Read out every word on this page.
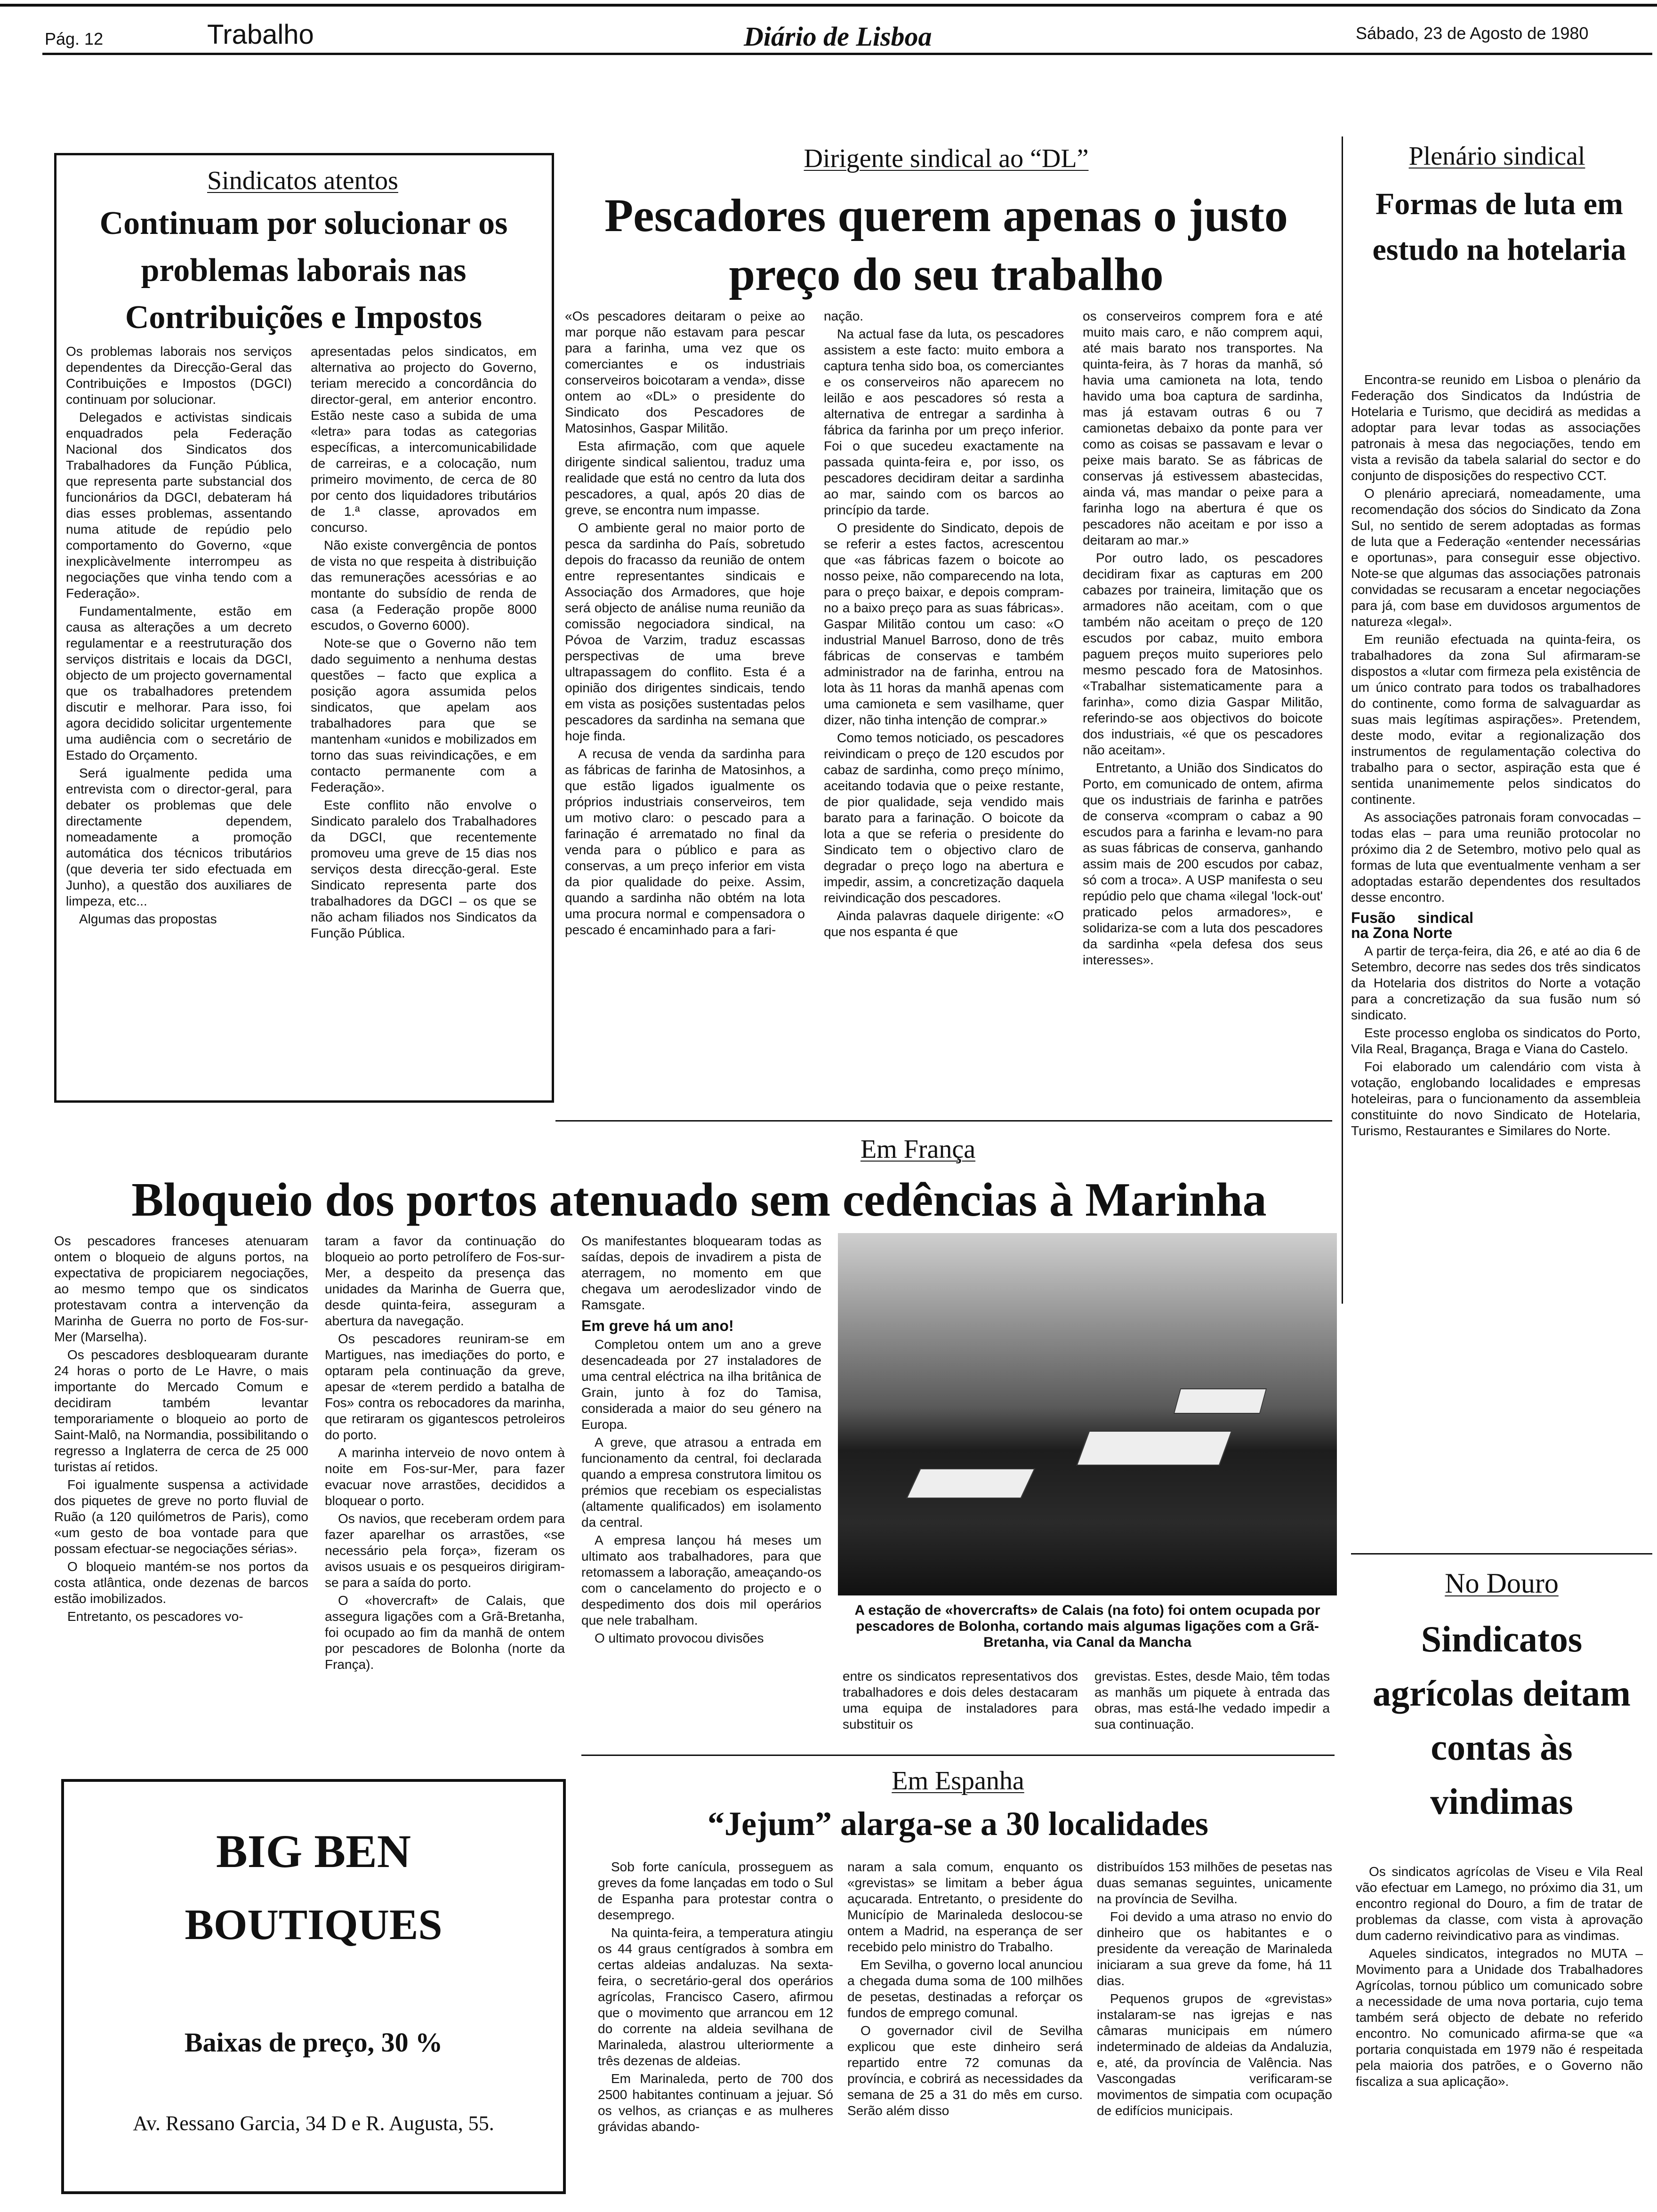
Pág. 12	Trabalho	Diário de Lisboa	Sábado, 23 de Agosto de 1980
Sindicatos atentos
Continuam por solucionar os problemas laborais nas Contribuições e Impostos

Os problemas laborais nos serviços dependentes da Direcção-Geral das Contribuições e Impostos (DGCI) continuam por solucionar.

Delegados e activistas sindicais enquadrados pela Federação Nacional dos Sindicatos dos Trabalhadores da Função Pública, que representa parte substancial dos funcionários da DGCI, debateram há dias esses problemas, assentando numa atitude de repúdio pelo comportamento do Governo, «que inexplicàvelmente interrompeu as negociações que vinha tendo com a Federação».

Fundamentalmente, estão em causa as alterações a um decreto regulamentar e a reestruturação dos serviços distritais e locais da DGCI, objecto de um projecto governamental que os trabalhadores pretendem discutir e melhorar. Para isso, foi agora decidido solicitar urgentemente uma audiência com o secretário de Estado do Orçamento.

Será igualmente pedida uma entrevista com o director-geral, para debater os problemas que dele directamente dependem, nomeadamente a promoção automática dos técnicos tributários (que deveria ter sido efectuada em Junho), a questão dos auxiliares de limpeza, etc...

Algumas das propostas

apresentadas pelos sindicatos, em alternativa ao projecto do Governo, teriam merecido a concordância do director-geral, em anterior encontro. Estão neste caso a subida de uma «letra» para todas as categorias específicas, a intercomunicabilidade de carreiras, e a colocação, num primeiro movimento, de cerca de 80 por cento dos liquidadores tributários de 1.ª classe, aprovados em concurso.

Não existe convergência de pontos de vista no que respeita à distribuição das remunerações acessórias e ao montante do subsídio de renda de casa (a Federação propõe 8000 escudos, o Governo 6000).

Note-se que o Governo não tem dado seguimento a nenhuma destas questões – facto que explica a posição agora assumida pelos sindicatos, que apelam aos trabalhadores para que se mantenham «unidos e mobilizados em torno das suas reivindicações, e em contacto permanente com a Federação».

Este conflito não envolve o Sindicato paralelo dos Trabalhadores da DGCI, que recentemente promoveu uma greve de 15 dias nos serviços desta direcção-geral. Este Sindicato representa parte dos trabalhadores da DGCI – os que se não acham filiados nos Sindicatos da Função Pública.

Dirigente sindical ao “DL”
Pescadores querem apenas o justo preço do seu trabalho

«Os pescadores deitaram o peixe ao mar porque não estavam para pescar para a farinha, uma vez que os comerciantes e os industriais conserveiros boicotaram a venda», disse ontem ao «DL» o presidente do Sindicato dos Pescadores de Matosinhos, Gaspar Militão.

Esta afirmação, com que aquele dirigente sindical salientou, traduz uma realidade que está no centro da luta dos pescadores, a qual, após 20 dias de greve, se encontra num impasse.

O ambiente geral no maior porto de pesca da sardinha do País, sobretudo depois do fracasso da reunião de ontem entre representantes sindicais e Associação dos Armadores, que hoje será objecto de análise numa reunião da comissão negociadora sindical, na Póvoa de Varzim, traduz escassas perspectivas de uma breve ultrapassagem do conflito. Esta é a opinião dos dirigentes sindicais, tendo em vista as posições sustentadas pelos pescadores da sardinha na semana que hoje finda.

A recusa de venda da sardinha para as fábricas de farinha de Matosinhos, a que estão ligados igualmente os próprios industriais conserveiros, tem um motivo claro: o pescado para a farinação é arrematado no final da venda para o público e para as conservas, a um preço inferior em vista da pior qualidade do peixe. Assim, quando a sardinha não obtém na lota uma procura normal e compensadora o pescado é encaminhado para a fari-

nação.

Na actual fase da luta, os pescadores assistem a este facto: muito embora a captura tenha sido boa, os comerciantes e os conserveiros não aparecem no leilão e aos pescadores só resta a alternativa de entregar a sardinha à fábrica da farinha por um preço inferior. Foi o que sucedeu exactamente na passada quinta-feira e, por isso, os pescadores decidiram deitar a sardinha ao mar, saindo com os barcos ao princípio da tarde.

O presidente do Sindicato, depois de se referir a estes factos, acrescentou que «as fábricas fazem o boicote ao nosso peixe, não comparecendo na lota, para o preço baixar, e depois compram-no a baixo preço para as suas fábricas». Gaspar Militão contou um caso: «O industrial Manuel Barroso, dono de três fábricas de conservas e também administrador na de farinha, entrou na lota às 11 horas da manhã apenas com uma camioneta e sem vasilhame, quer dizer, não tinha intenção de comprar.»

Como temos noticiado, os pescadores reivindicam o preço de 120 escudos por cabaz de sardinha, como preço mínimo, aceitando todavia que o peixe restante, de pior qualidade, seja vendido mais barato para a farinação. O boicote da lota a que se referia o presidente do Sindicato tem o objectivo claro de degradar o preço logo na abertura e impedir, assim, a concretização daquela reivindicação dos pescadores.

Ainda palavras daquele dirigente: «O que nos espanta é que

os conserveiros comprem fora e até muito mais caro, e não comprem aqui, até mais barato nos transportes. Na quinta-feira, às 7 horas da manhã, só havia uma camioneta na lota, tendo havido uma boa captura de sardinha, mas já estavam outras 6 ou 7 camionetas debaixo da ponte para ver como as coisas se passavam e levar o peixe mais barato. Se as fábricas de conservas já estivessem abastecidas, ainda vá, mas mandar o peixe para a farinha logo na abertura é que os pescadores não aceitam e por isso a deitaram ao mar.»

Por outro lado, os pescadores decidiram fixar as capturas em 200 cabazes por traineira, limitação que os armadores não aceitam, com o que também não aceitam o preço de 120 escudos por cabaz, muito embora paguem preços muito superiores pelo mesmo pescado fora de Matosinhos. «Trabalhar sistematicamente para a farinha», como dizia Gaspar Militão, referindo-se aos objectivos do boicote dos industriais, «é que os pescadores não aceitam».

Entretanto, a União dos Sindicatos do Porto, em comunicado de ontem, afirma que os industriais de farinha e patrões de conserva «compram o cabaz a 90 escudos para a farinha e levam-no para as suas fábricas de conserva, ganhando assim mais de 200 escudos por cabaz, só com a troca». A USP manifesta o seu repúdio pelo que chama «ilegal 'lock-out' praticado pelos armadores», e solidariza-se com a luta dos pescadores da sardinha «pela defesa dos seus interesses».

Plenário sindical
Formas de luta em estudo na hotelaria

Encontra-se reunido em Lisboa o plenário da Federação dos Sindicatos da Indústria de Hotelaria e Turismo, que decidirá as medidas a adoptar para levar todas as associações patronais à mesa das negociações, tendo em vista a revisão da tabela salarial do sector e do conjunto de disposições do respectivo CCT.

O plenário apreciará, nomeadamente, uma recomendação dos sócios do Sindicato da Zona Sul, no sentido de serem adoptadas as formas de luta que a Federação «entender necessárias e oportunas», para conseguir esse objectivo. Note-se que algumas das associações patronais convidadas se recusaram a encetar negociações para já, com base em duvidosos argumentos de natureza «legal».

Em reunião efectuada na quinta-feira, os trabalhadores da zona Sul afirmaram-se dispostos a «lutar com firmeza pela existência de um único contrato para todos os trabalhadores do continente, como forma de salvaguardar as suas mais legítimas aspirações». Pretendem, deste modo, evitar a regionalização dos instrumentos de regulamentação colectiva do trabalho para o sector, aspiração esta que é sentida unanimemente pelos sindicatos do continente.

As associações patronais foram convocadas – todas elas – para uma reunião protocolar no próximo dia 2 de Setembro, motivo pelo qual as formas de luta que eventualmente venham a ser adoptadas estarão dependentes dos resultados desse encontro.

Fusão sindical na Zona Norte

A partir de terça-feira, dia 26, e até ao dia 6 de Setembro, decorre nas sedes dos três sindicatos da Hotelaria dos distritos do Norte a votação para a concretização da sua fusão num só sindicato.

Este processo engloba os sindicatos do Porto, Vila Real, Bragança, Braga e Viana do Castelo.

Foi elaborado um calendário com vista à votação, englobando localidades e empresas hoteleiras, para o funcionamento da assembleia constituinte do novo Sindicato de Hotelaria, Turismo, Restaurantes e Similares do Norte.

Em França
Bloqueio dos portos atenuado sem cedências à Marinha

Os pescadores franceses atenuaram ontem o bloqueio de alguns portos, na expectativa de propiciarem negociações, ao mesmo tempo que os sindicatos protestavam contra a intervenção da Marinha de Guerra no porto de Fos-sur-Mer (Marselha).

Os pescadores desbloquearam durante 24 horas o porto de Le Havre, o mais importante do Mercado Comum e decidiram também levantar temporariamente o bloqueio ao porto de Saint-Malô, na Normandia, possibilitando o regresso a Inglaterra de cerca de 25 000 turistas aí retidos.

Foi igualmente suspensa a actividade dos piquetes de greve no porto fluvial de Ruão (a 120 quilómetros de Paris), como «um gesto de boa vontade para que possam efectuar-se negociações sérias».

O bloqueio mantém-se nos portos da costa atlântica, onde dezenas de barcos estão imobilizados.

Entretanto, os pescadores vo-

taram a favor da continuação do bloqueio ao porto petrolífero de Fos-sur-Mer, a despeito da presença das unidades da Marinha de Guerra que, desde quinta-feira, asseguram a abertura da navegação.

Os pescadores reuniram-se em Martigues, nas imediações do porto, e optaram pela continuação da greve, apesar de «terem perdido a batalha de Fos» contra os rebocadores da marinha, que retiraram os gigantescos petroleiros do porto.

A marinha interveio de novo ontem à noite em Fos-sur-Mer, para fazer evacuar nove arrastões, decididos a bloquear o porto.

Os navios, que receberam ordem para fazer aparelhar os arrastões, «se necessário pela força», fizeram os avisos usuais e os pesqueiros dirigiram-se para a saída do porto.

O «hovercraft» de Calais, que assegura ligações com a Grã-Bretanha, foi ocupado ao fim da manhã de ontem por pescadores de Bolonha (norte da França).

Os manifestantes bloquearam todas as saídas, depois de invadirem a pista de aterragem, no momento em que chegava um aerodeslizador vindo de Ramsgate.

Em greve há um ano!

Completou ontem um ano a greve desencadeada por 27 instaladores de uma central eléctrica na ilha britânica de Grain, junto à foz do Tamisa, considerada a maior do seu género na Europa.

A greve, que atrasou a entrada em funcionamento da central, foi declarada quando a empresa construtora limitou os prémios que recebiam os especialistas (altamente qualificados) em isolamento da central.

A empresa lançou há meses um ultimato aos trabalhadores, para que retomassem a laboração, ameaçando-os com o cancelamento do projecto e o despedimento dos dois mil operários que nele trabalham.

O ultimato provocou divisões

A estação de «hovercrafts» de Calais (na foto) foi ontem ocupada por pescadores de Bolonha, cortando mais algumas ligações com a Grã-Bretanha, via Canal da Mancha

entre os sindicatos representativos dos trabalhadores e dois deles destacaram uma equipa de instaladores para substituir os

grevistas. Estes, desde Maio, têm todas as manhãs um piquete à entrada das obras, mas está-lhe vedado impedir a sua continuação.

BIG BEN
BOUTIQUES
Baixas de preço, 30 %
Av. Ressano Garcia, 34 D e R. Augusta, 55.
Em Espanha
“Jejum” alarga-se a 30 localidades

Sob forte canícula, prosseguem as greves da fome lançadas em todo o Sul de Espanha para protestar contra o desemprego.

Na quinta-feira, a temperatura atingiu os 44 graus centígrados à sombra em certas aldeias andaluzas. Na sexta-feira, o secretário-geral dos operários agrícolas, Francisco Casero, afirmou que o movimento que arrancou em 12 do corrente na aldeia sevilhana de Marinaleda, alastrou ulteriormente a três dezenas de aldeias.

Em Marinaleda, perto de 700 dos 2500 habitantes continuam a jejuar. Só os velhos, as crianças e as mulheres grávidas abando-

naram a sala comum, enquanto os «grevistas» se limitam a beber água açucarada. Entretanto, o presidente do Município de Marinaleda deslocou-se ontem a Madrid, na esperança de ser recebido pelo ministro do Trabalho.

Em Sevilha, o governo local anunciou a chegada duma soma de 100 milhões de pesetas, destinadas a reforçar os fundos de emprego comunal.

O governador civil de Sevilha explicou que este dinheiro será repartido entre 72 comunas da província, e cobrirá as necessidades da semana de 25 a 31 do mês em curso. Serão além disso

distribuídos 153 milhões de pesetas nas duas semanas seguintes, unicamente na província de Sevilha.

Foi devido a uma atraso no envio do dinheiro que os habitantes e o presidente da vereação de Marinaleda iniciaram a sua greve da fome, há 11 dias.

Pequenos grupos de «grevistas» instalaram-se nas igrejas e nas câmaras municipais em número indeterminado de aldeias da Andaluzia, e, até, da província de Valência. Nas Vascongadas verificaram-se movimentos de simpatia com ocupação de edifícios municipais.

No Douro
Sindicatos agrícolas deitam contas às vindimas

Os sindicatos agrícolas de Viseu e Vila Real vão efectuar em Lamego, no próximo dia 31, um encontro regional do Douro, a fim de tratar de problemas da classe, com vista à aprovação dum caderno reivindicativo para as vindimas.

Aqueles sindicatos, integrados no MUTA – Movimento para a Unidade dos Trabalhadores Agrícolas, tornou público um comunicado sobre a necessidade de uma nova portaria, cujo tema também será objecto de debate no referido encontro. No comunicado afirma-se que «a portaria conquistada em 1979 não é respeitada pela maioria dos patrões, e o Governo não fiscaliza a sua aplicação».
